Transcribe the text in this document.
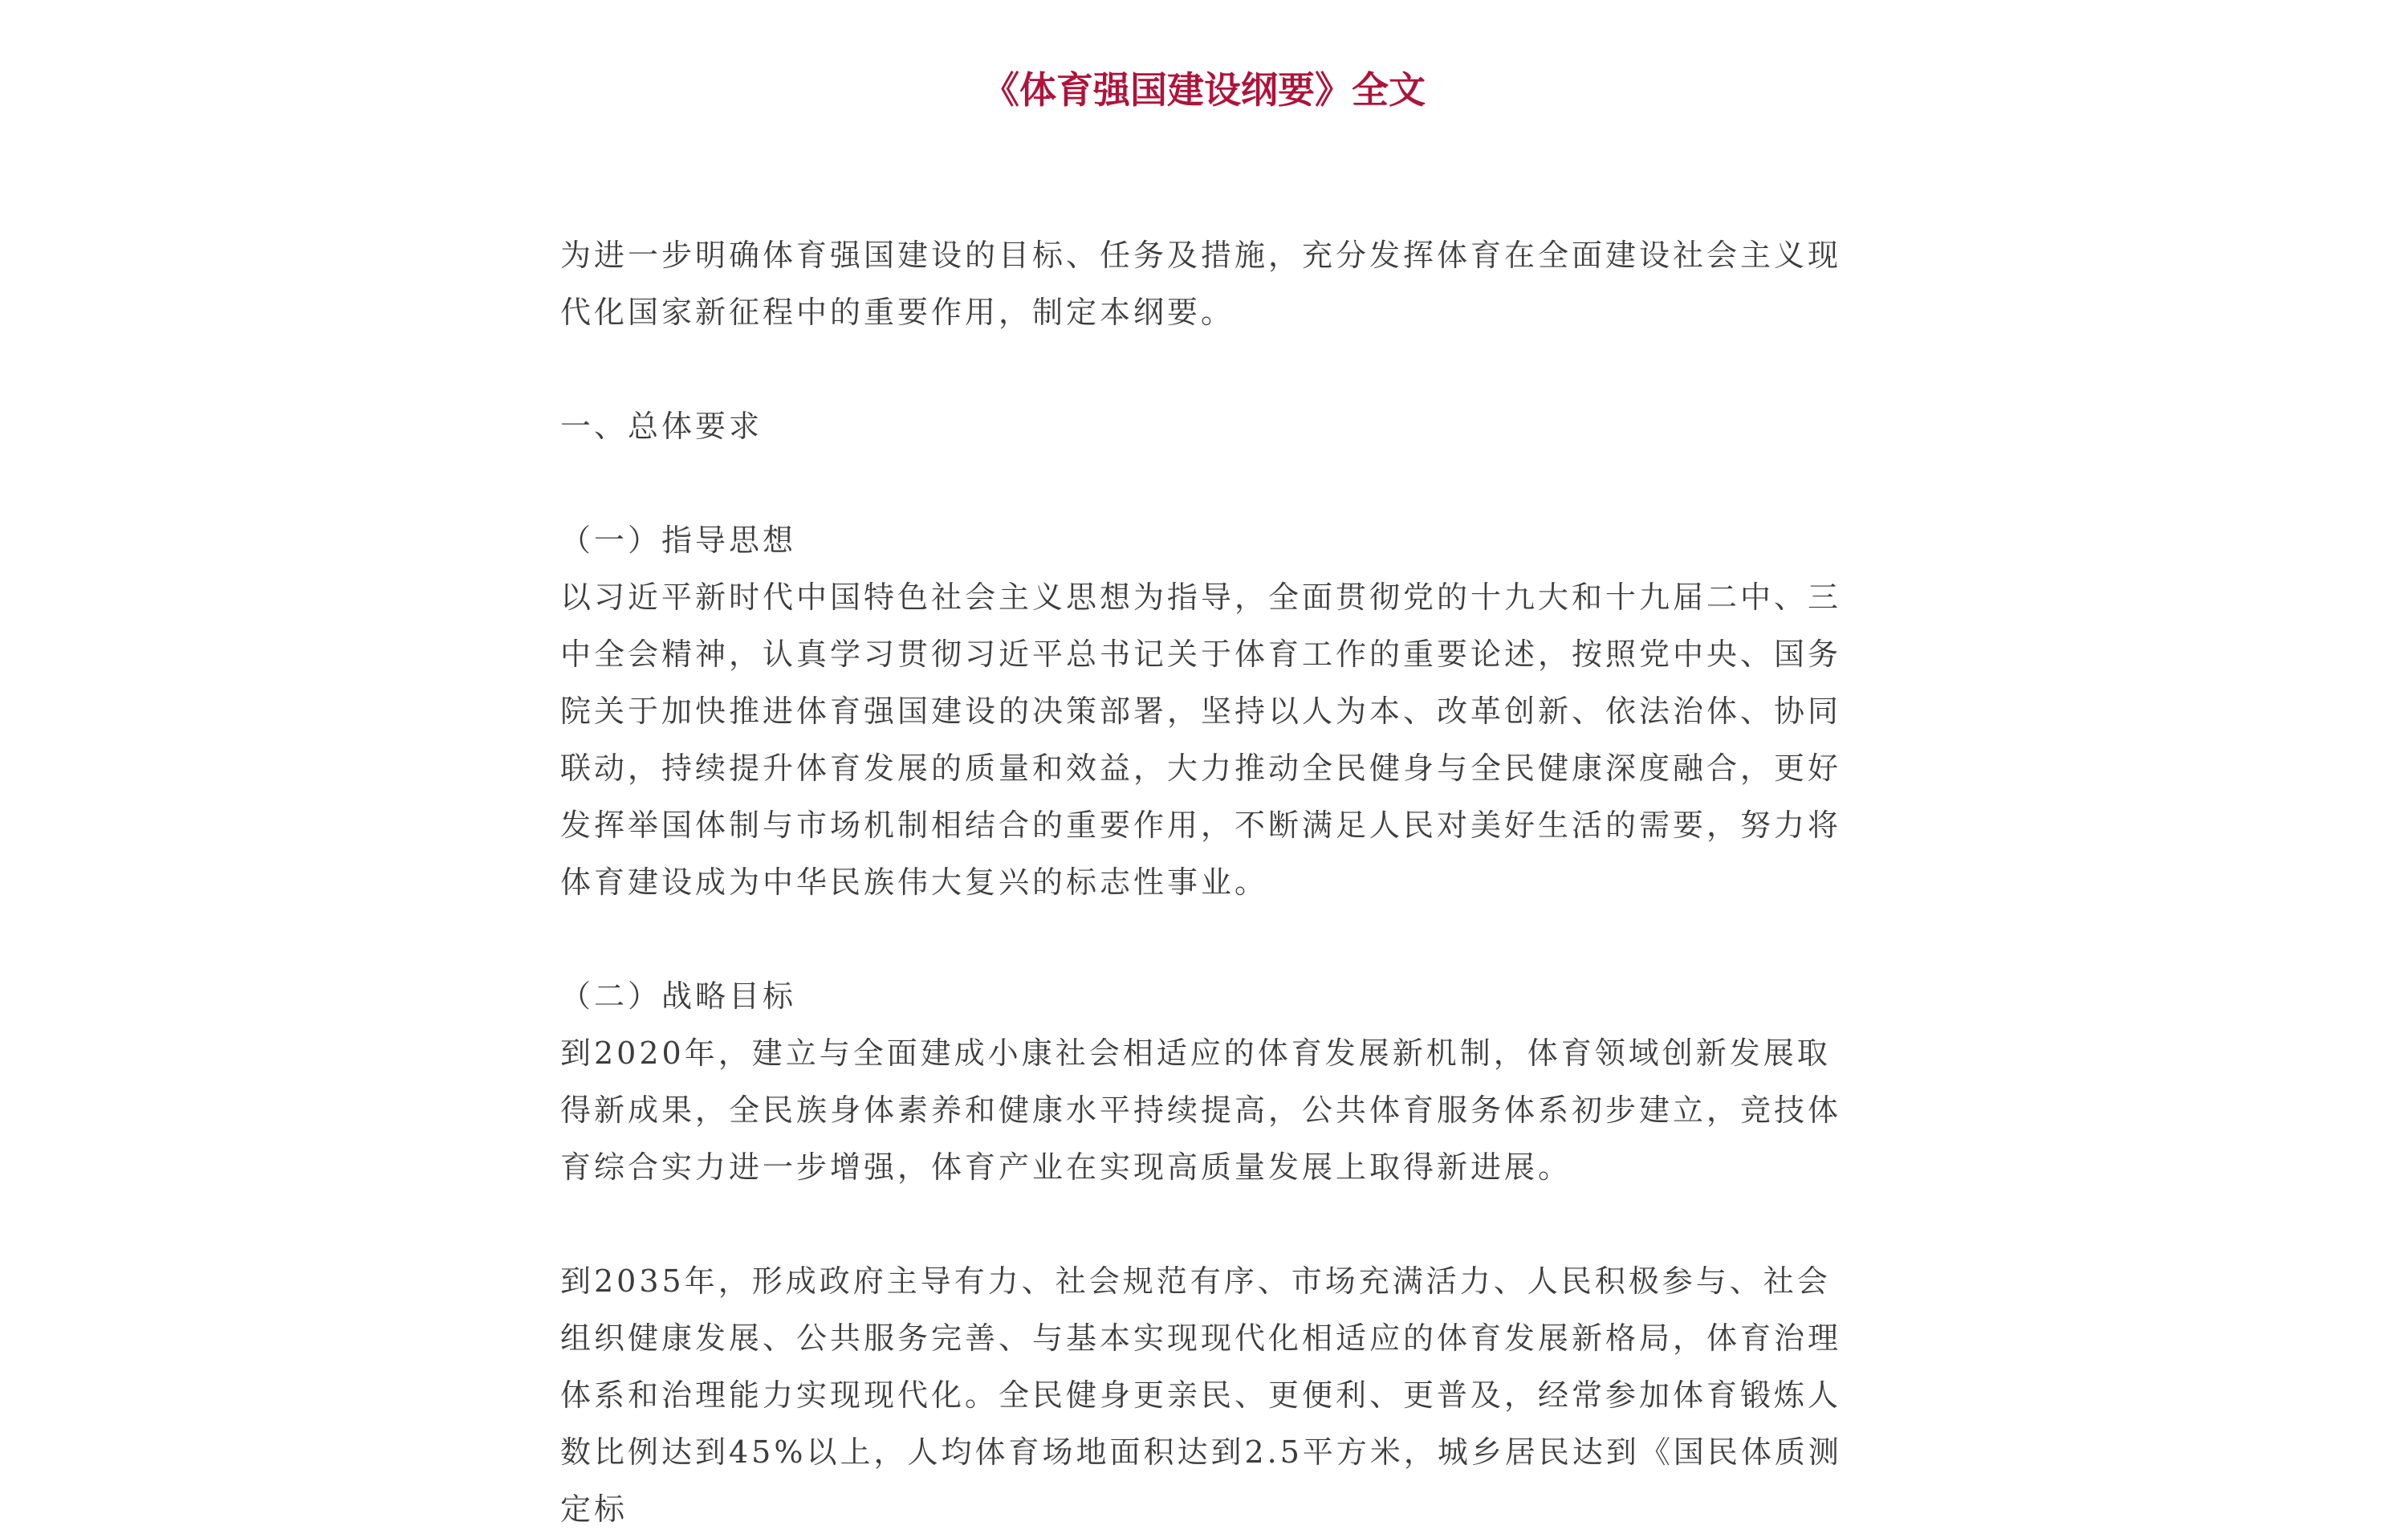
《体育强国建设纲要》全文

为进一步明确体育强国建设的目标、任务及措施，充分发挥体育在全面建设社会主义现代化国家新征程中的重要作用，制定本纲要。

一、总体要求

（一）指导思想

以习近平新时代中国特色社会主义思想为指导，全面贯彻党的十九大和十九届二中、三中全会精神，认真学习贯彻习近平总书记关于体育工作的重要论述，按照党中央、国务院关于加快推进体育强国建设的决策部署，坚持以人为本、改革创新、依法治体、协同联动，持续提升体育发展的质量和效益，大力推动全民健身与全民健康深度融合，更好发挥举国体制与市场机制相结合的重要作用，不断满足人民对美好生活的需要，努力将体育建设成为中华民族伟大复兴的标志性事业。

（二）战略目标

到2020年，建立与全面建成小康社会相适应的体育发展新机制，体育领域创新发展取得新成果，全民族身体素养和健康水平持续提高，公共体育服务体系初步建立，竞技体育综合实力进一步增强，体育产业在实现高质量发展上取得新进展。

到2035年，形成政府主导有力、社会规范有序、市场充满活力、人民积极参与、社会组织健康发展、公共服务完善、与基本实现现代化相适应的体育发展新格局，体育治理体系和治理能力实现现代化。全民健身更亲民、更便利、更普及，经常参加体育锻炼人数比例达到45%以上，人均体育场地面积达到2.5平方米，城乡居民达到《国民体质测定标
